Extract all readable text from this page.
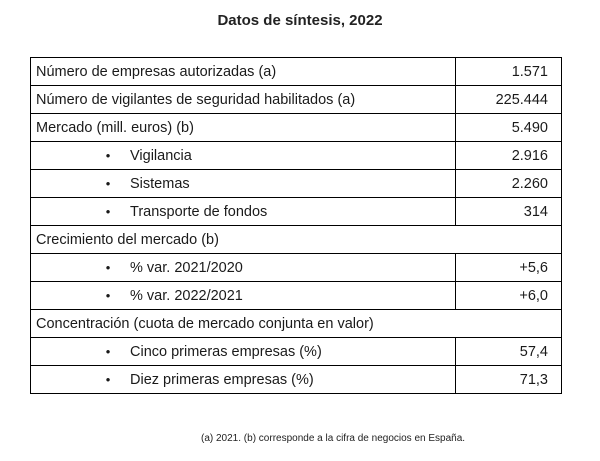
Datos de síntesis, 2022
Número de empresas autorizadas (a)	1.571
Número de vigilantes de seguridad habilitados (a)	225.444
Mercado (mill. euros) (b)	5.490
• Vigilancia	2.916
• Sistemas	2.260
• Transporte de fondos	314
Crecimiento del mercado (b)	
• % var. 2021/2020	+5,6
• % var. 2022/2021	+6,0
Concentración (cuota de mercado conjunta en valor)	
• Cinco primeras empresas (%)	57,4
• Diez primeras empresas (%)	71,3
(a) 2021. (b) corresponde a la cifra de negocios en España.
